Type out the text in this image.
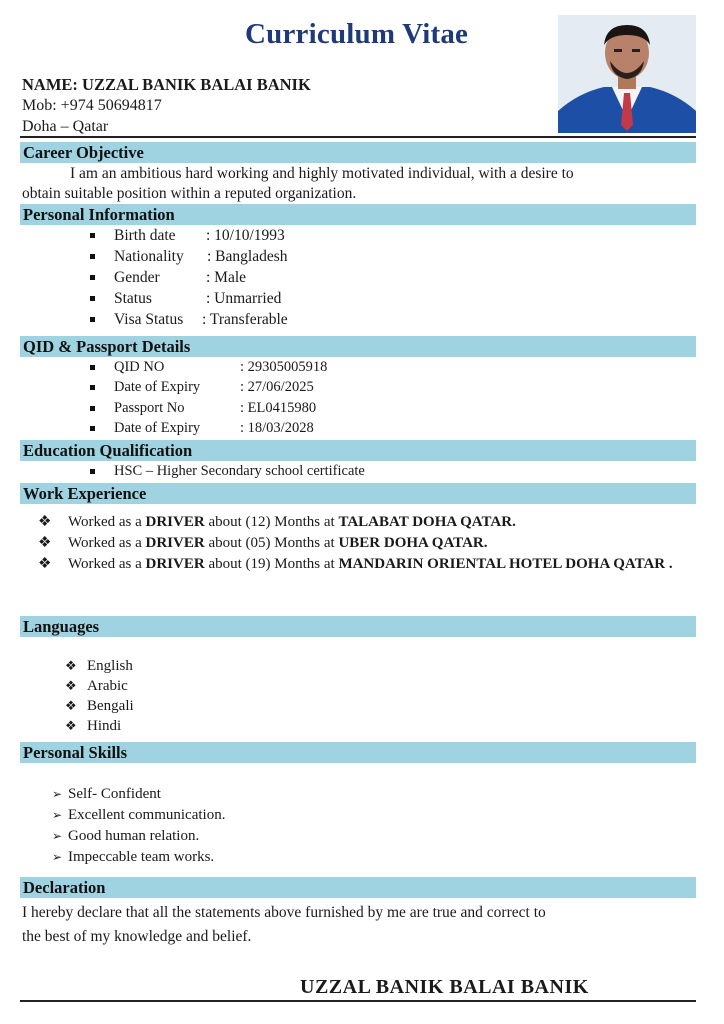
Curriculum Vitae
NAME: UZZAL BANIK BALAI BANIK
Mob: +974 50694817
Doha – Qatar
Career Objective
I am an ambitious hard working and highly motivated individual, with a desire to
obtain suitable position within a reputed organization.
Personal Information
Birth date : 10/10/1993
Nationality : Bangladesh
Gender	: Male
Status	: Unmarried
Visa Status : Transferable
QID & Passport Details
QID NO	: 29305005918
Date of Expiry	: 27/06/2025
Passport No	: EL0415980
Date of Expiry	: 18/03/2028
Education Qualification
HSC – Higher Secondary school certificate
Work Experience
❖ Worked as a DRIVER about (12) Months at TALABAT DOHA QATAR.
❖ Worked as a DRIVER about (05) Months at UBER DOHA QATAR.
❖ Worked as a DRIVER about (19) Months at MANDARIN ORIENTAL HOTEL DOHA QATAR .
Languages
❖ English
❖ Arabic
❖ Bengali
❖ Hindi
Personal Skills
➢ Self- Confident
➢ Excellent communication.
➢ Good human relation.
➢ Impeccable team works.
Declaration
I hereby declare that all the statements above furnished by me are true and correct to
the best of my knowledge and belief.
UZZAL BANIK BALAI BANIK
